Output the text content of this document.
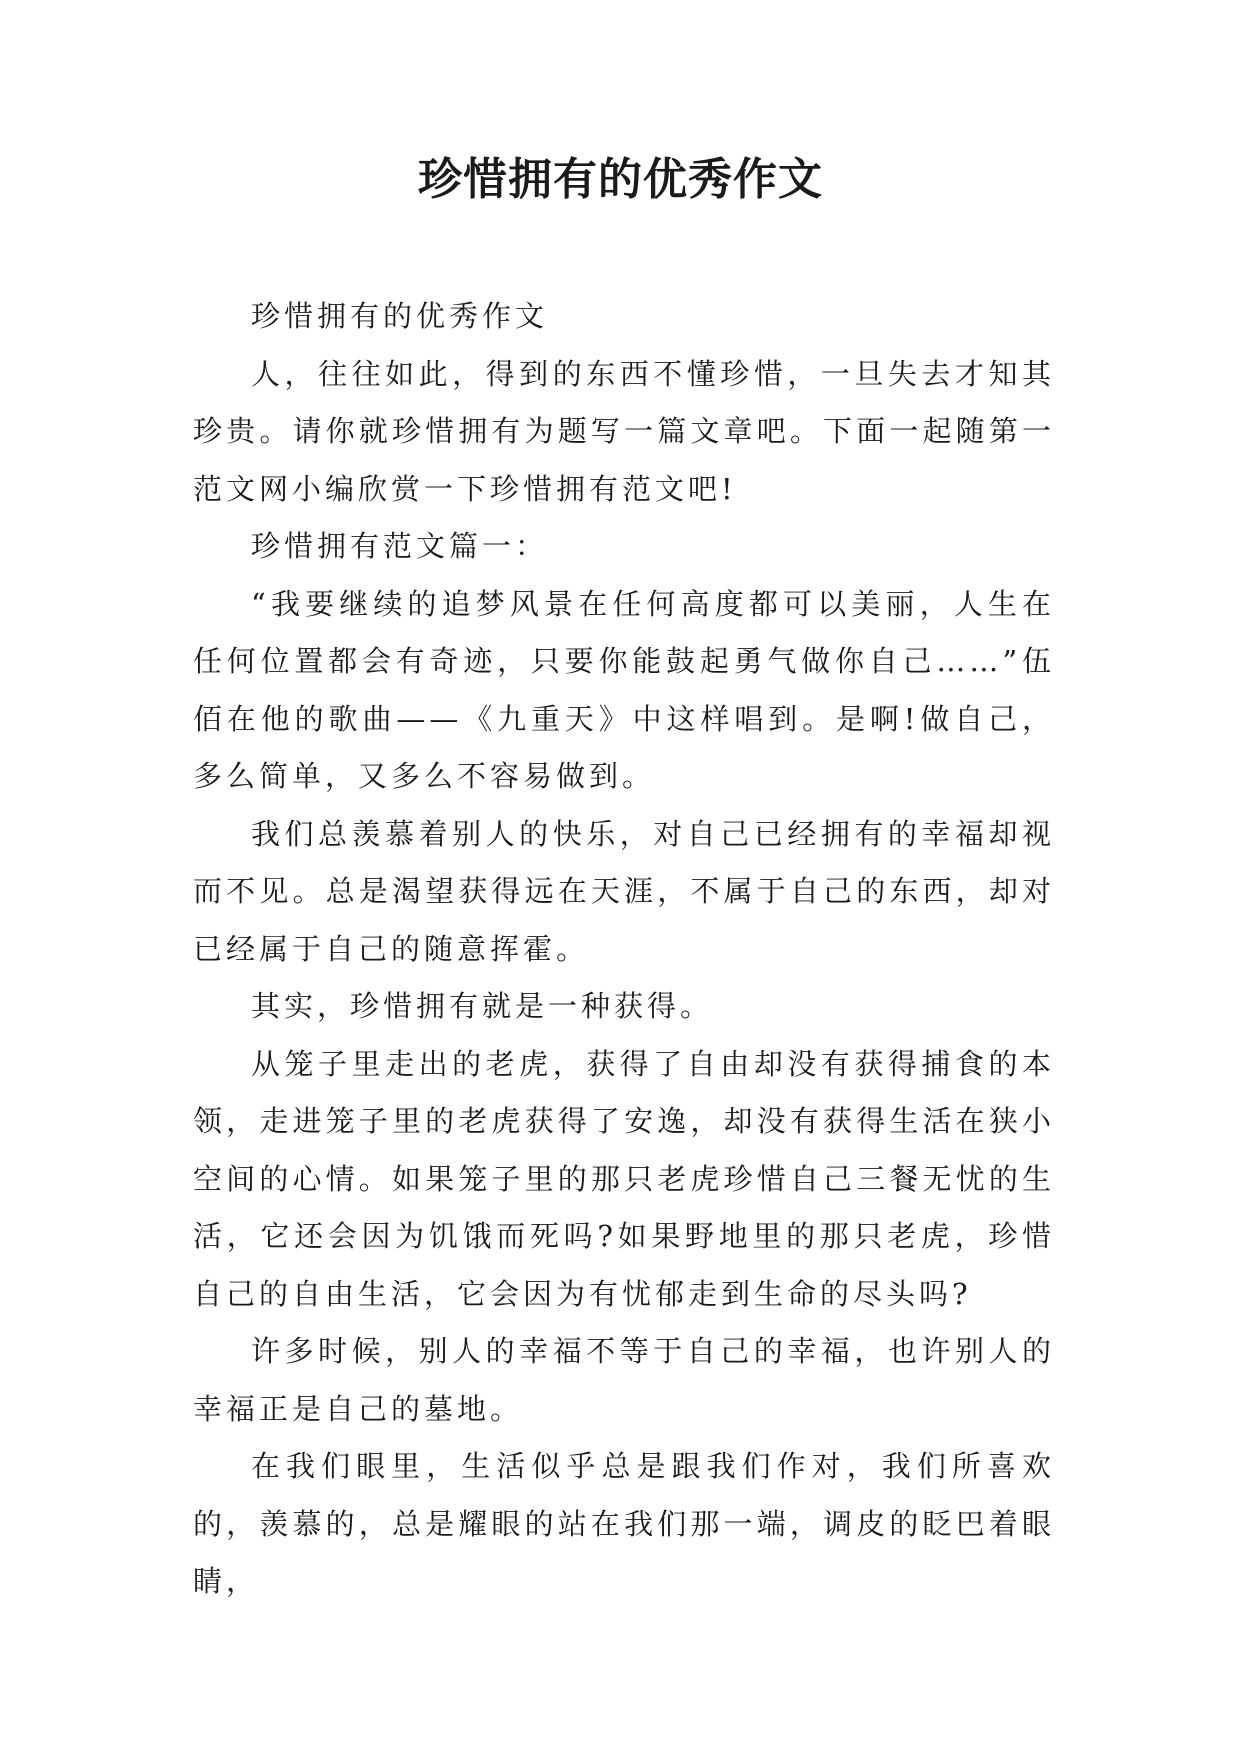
珍惜拥有的优秀作文

珍惜拥有的优秀作文

人，往往如此，得到的东西不懂珍惜，一旦失去才知其珍贵。请你就珍惜拥有为题写一篇文章吧。下面一起随第一范文网小编欣赏一下珍惜拥有范文吧!

珍惜拥有范文篇一：

“我要继续的追梦风景在任何高度都可以美丽，人生在任何位置都会有奇迹，只要你能鼓起勇气做你自己……”伍佰在他的歌曲——《九重天》中这样唱到。是啊!做自己，多么简单，又多么不容易做到。

我们总羡慕着别人的快乐，对自己已经拥有的幸福却视而不见。总是渴望获得远在天涯，不属于自己的东西，却对已经属于自己的随意挥霍。

其实，珍惜拥有就是一种获得。

从笼子里走出的老虎，获得了自由却没有获得捕食的本领，走进笼子里的老虎获得了安逸，却没有获得生活在狭小空间的心情。如果笼子里的那只老虎珍惜自己三餐无忧的生活，它还会因为饥饿而死吗?如果野地里的那只老虎，珍惜自己的自由生活，它会因为有忧郁走到生命的尽头吗?

许多时候，别人的幸福不等于自己的幸福，也许别人的幸福正是自己的墓地。

在我们眼里，生活似乎总是跟我们作对，我们所喜欢的，羡慕的，总是耀眼的站在我们那一端，调皮的眨巴着眼睛，
